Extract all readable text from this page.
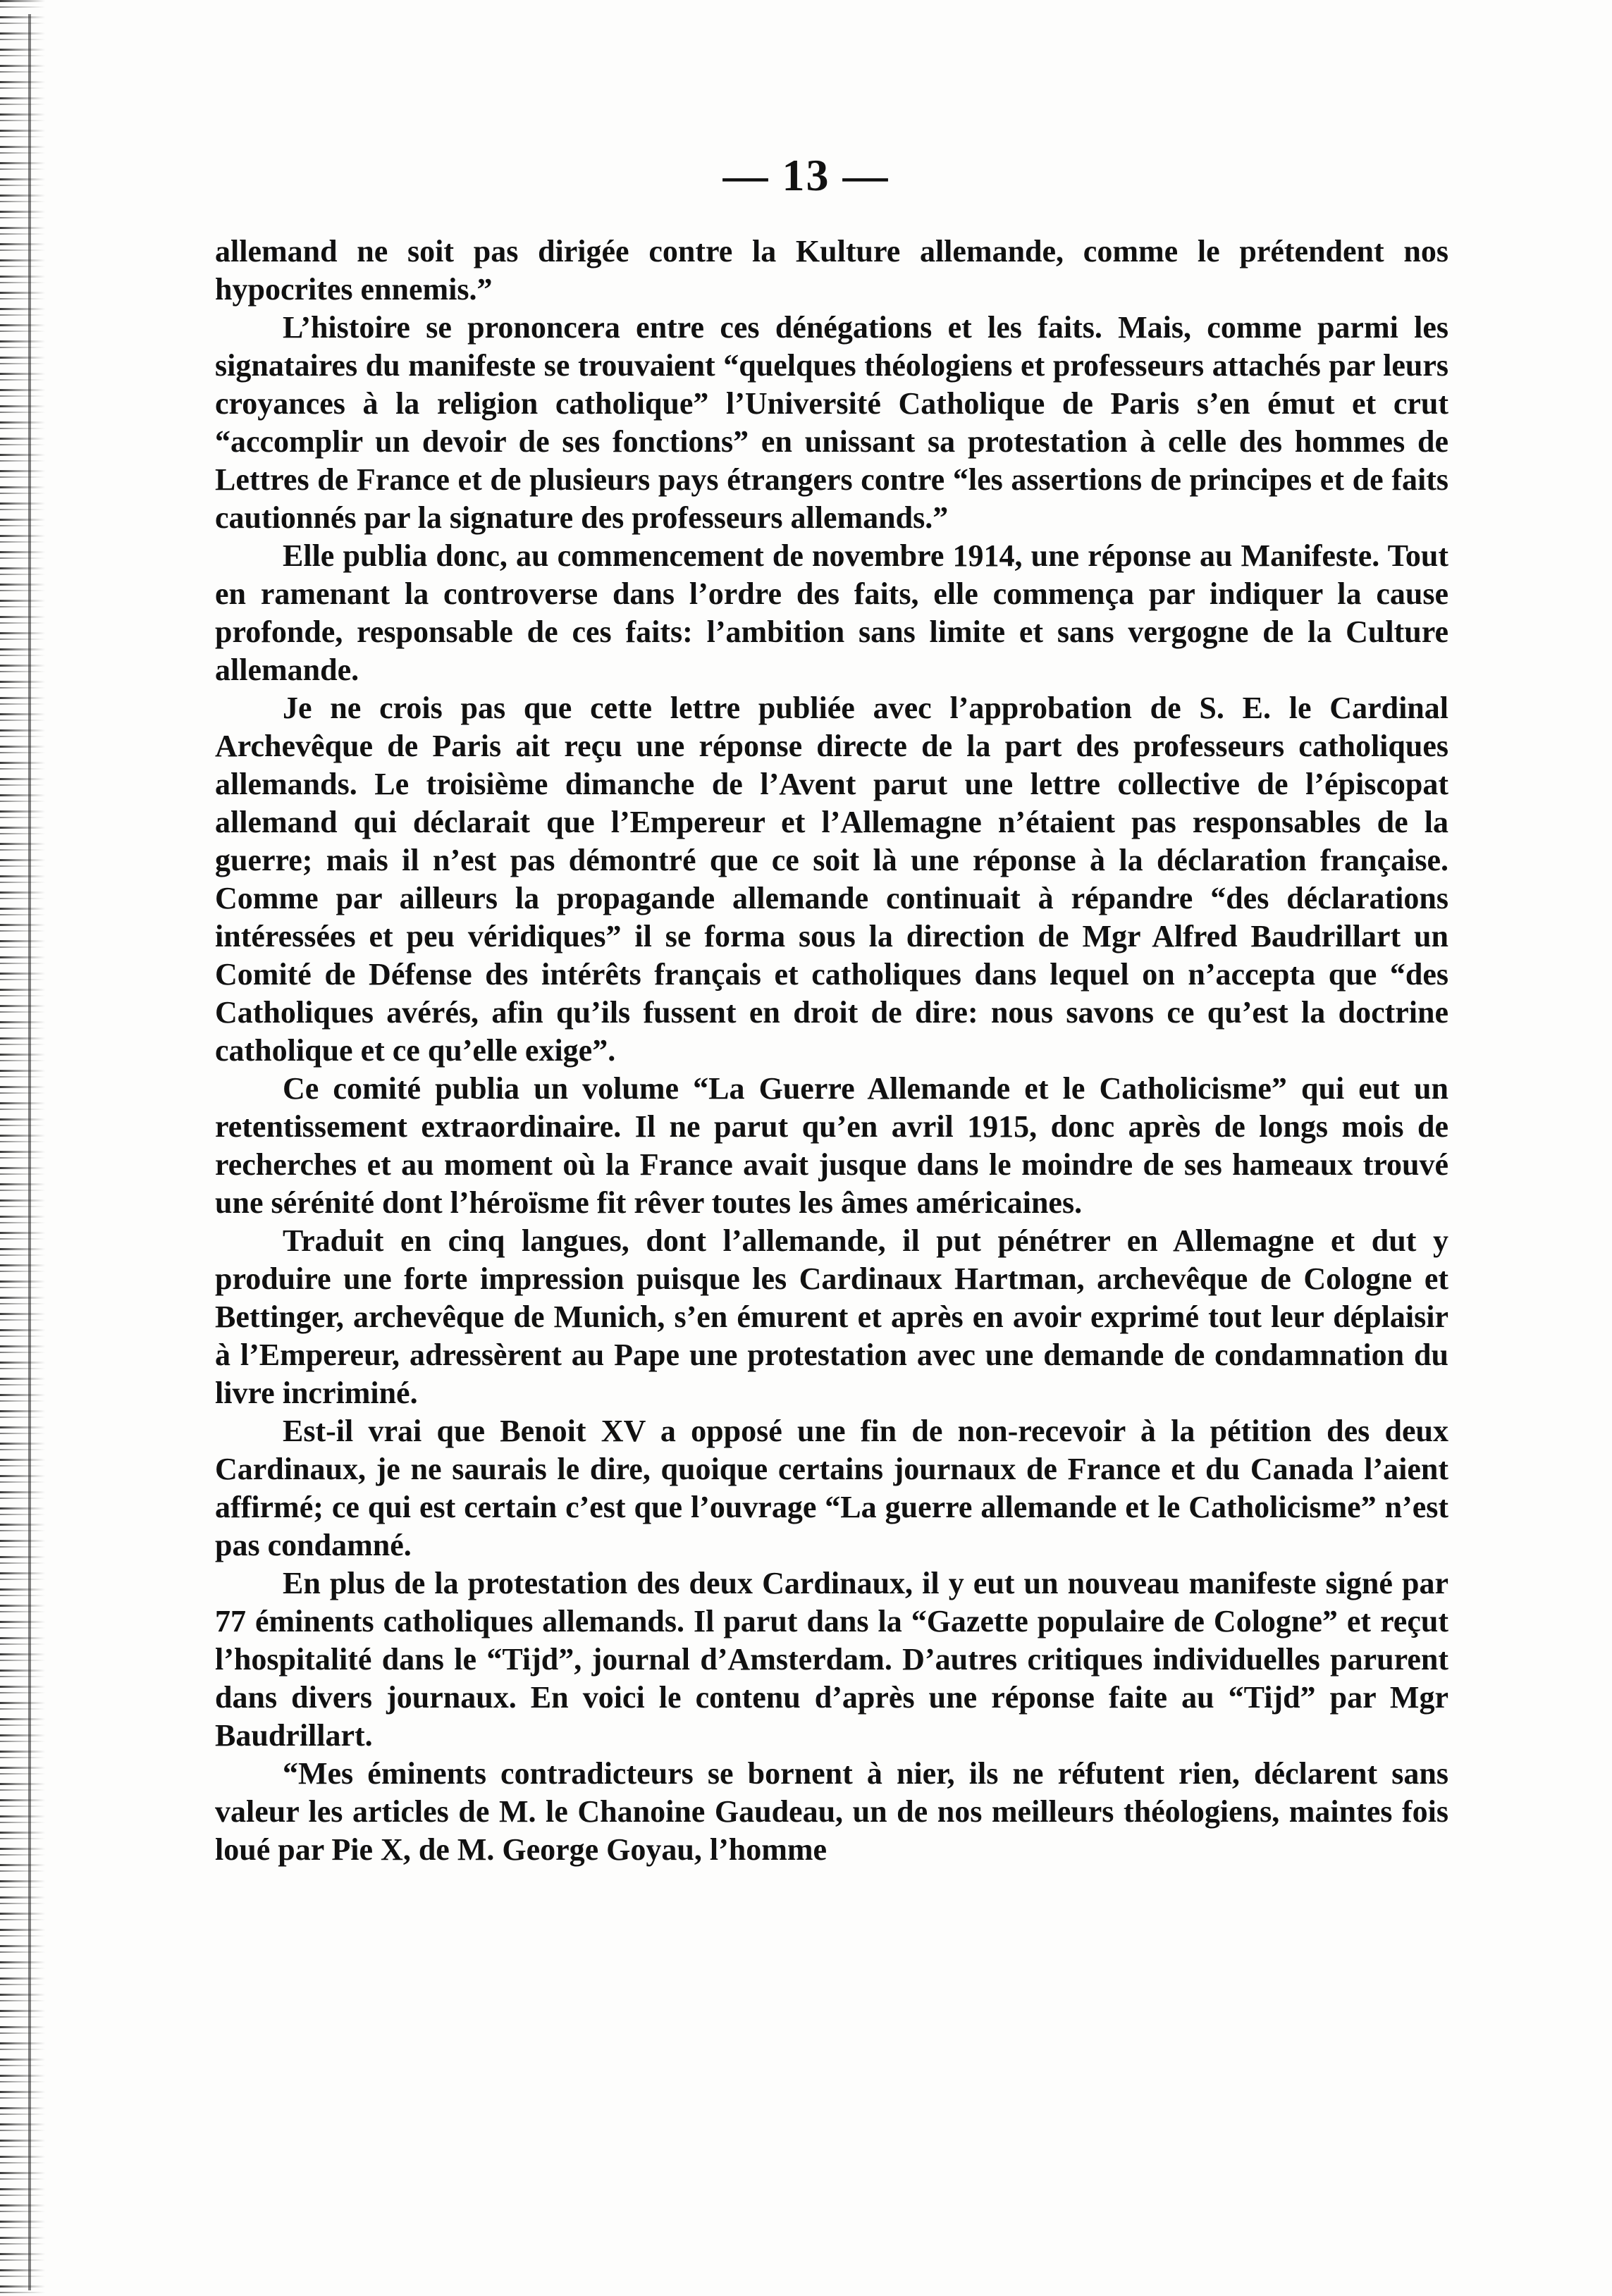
— 13 —

allemand ne soit pas dirigée contre la Kulture allemande, comme le prétendent nos hypocrites ennemis.”

L’histoire se prononcera entre ces dénégations et les faits. Mais, comme parmi les signataires du manifeste se trouvaient “quelques théologiens et professeurs attachés par leurs croyances à la religion catholique” l’Université Catholique de Paris s’en émut et crut “accomplir un devoir de ses fonctions” en unissant sa protestation à celle des hommes de Lettres de France et de plusieurs pays étrangers contre “les assertions de principes et de faits cautionnés par la signature des professeurs allemands.”

Elle publia donc, au commencement de novembre 1914, une réponse au Manifeste. Tout en ramenant la controverse dans l’ordre des faits, elle commença par indiquer la cause profonde, responsable de ces faits: l’ambition sans limite et sans vergogne de la Culture allemande.

Je ne crois pas que cette lettre publiée avec l’approbation de S. E. le Cardinal Archevêque de Paris ait reçu une réponse directe de la part des professeurs catholiques allemands. Le troisième dimanche de l’Avent parut une lettre collective de l’épiscopat allemand qui déclarait que l’Empereur et l’Allemagne n’étaient pas responsables de la guerre; mais il n’est pas démontré que ce soit là une réponse à la déclaration française. Comme par ailleurs la propagande allemande continuait à répandre “des déclarations intéressées et peu véridiques” il se forma sous la direction de Mgr Alfred Baudrillart un Comité de Défense des intérêts français et catholiques dans lequel on n’accepta que “des Catholiques avérés, afin qu’ils fussent en droit de dire: nous savons ce qu’est la doctrine catholique et ce qu’elle exige”.

Ce comité publia un volume “La Guerre Allemande et le Catholicisme” qui eut un retentissement extraordinaire. Il ne parut qu’en avril 1915, donc après de longs mois de recherches et au moment où la France avait jusque dans le moindre de ses hameaux trouvé une sérénité dont l’héroïsme fit rêver toutes les âmes américaines.

Traduit en cinq langues, dont l’allemande, il put pénétrer en Allemagne et dut y produire une forte impression puisque les Cardinaux Hartman, archevêque de Cologne et Bettinger, archevêque de Munich, s’en émurent et après en avoir exprimé tout leur déplaisir à l’Empereur, adressèrent au Pape une protestation avec une demande de condamnation du livre incriminé.

Est-il vrai que Benoit XV a opposé une fin de non-recevoir à la pétition des deux Cardinaux, je ne saurais le dire, quoique certains journaux de France et du Canada l’aient affirmé; ce qui est certain c’est que l’ouvrage “La guerre allemande et le Catholicisme” n’est pas condamné.

En plus de la protestation des deux Cardinaux, il y eut un nouveau manifeste signé par 77 éminents catholiques allemands. Il parut dans la “Gazette populaire de Cologne” et reçut l’hospitalité dans le “Tijd”, journal d’Amsterdam. D’autres critiques individuelles parurent dans divers journaux. En voici le contenu d’après une réponse faite au “Tijd” par Mgr Baudrillart.

“Mes éminents contradicteurs se bornent à nier, ils ne réfutent rien, déclarent sans valeur les articles de M. le Chanoine Gaudeau, un de nos meilleurs théologiens, maintes fois loué par Pie X, de M. George Goyau, l’homme
